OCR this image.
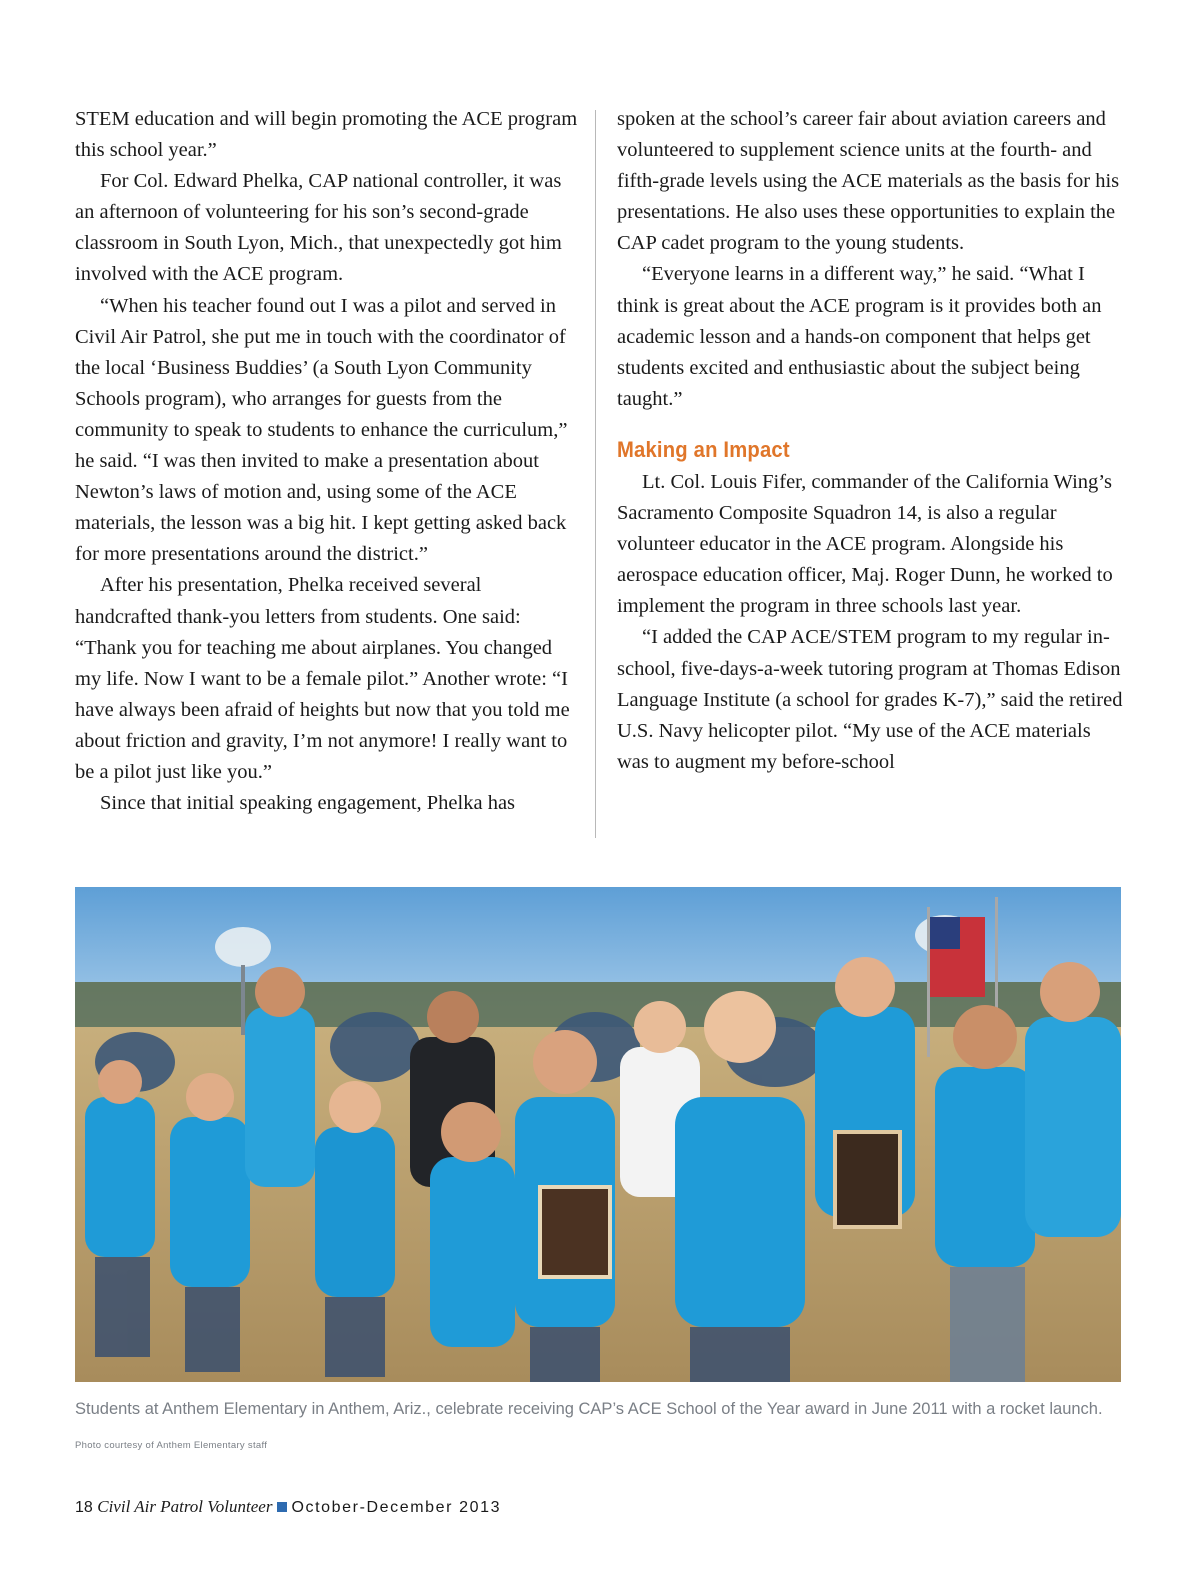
STEM education and will begin promoting the ACE program this school year.”

For Col. Edward Phelka, CAP national controller, it was an afternoon of volunteering for his son’s second-grade classroom in South Lyon, Mich., that unexpectedly got him involved with the ACE program.

“When his teacher found out I was a pilot and served in Civil Air Patrol, she put me in touch with the coordinator of the local ‘Business Buddies’ (a South Lyon Community Schools program), who arranges for guests from the community to speak to students to enhance the curriculum,” he said. “I was then invited to make a presentation about Newton’s laws of motion and, using some of the ACE materials, the lesson was a big hit. I kept getting asked back for more presentations around the district.”

After his presentation, Phelka received several handcrafted thank-you letters from students. One said: “Thank you for teaching me about airplanes. You changed my life. Now I want to be a female pilot.” Another wrote: “I have always been afraid of heights but now that you told me about friction and gravity, I’m not anymore! I really want to be a pilot just like you.”

Since that initial speaking engagement, Phelka has

spoken at the school’s career fair about aviation careers and volunteered to supplement science units at the fourth- and fifth-grade levels using the ACE materials as the basis for his presentations. He also uses these opportunities to explain the CAP cadet program to the young students.

“Everyone learns in a different way,” he said. “What I think is great about the ACE program is it provides both an academic lesson and a hands-on component that helps get students excited and enthusiastic about the subject being taught.”

Making an Impact

Lt. Col. Louis Fifer, commander of the California Wing’s Sacramento Composite Squadron 14, is also a regular volunteer educator in the ACE program. Alongside his aerospace education officer, Maj. Roger Dunn, he worked to implement the program in three schools last year.

“I added the CAP ACE/STEM program to my regular in-school, five-days-a-week tutoring program at Thomas Edison Language Institute (a school for grades K-7),” said the retired U.S. Navy helicopter pilot. “My use of the ACE materials was to augment my before-school

Students at Anthem Elementary in Anthem, Ariz., celebrate receiving CAP’s ACE School of the Year award in June 2011 with a rocket launch. Photo courtesy of Anthem Elementary staff
18 Civil Air Patrol Volunteer October-December 2013
